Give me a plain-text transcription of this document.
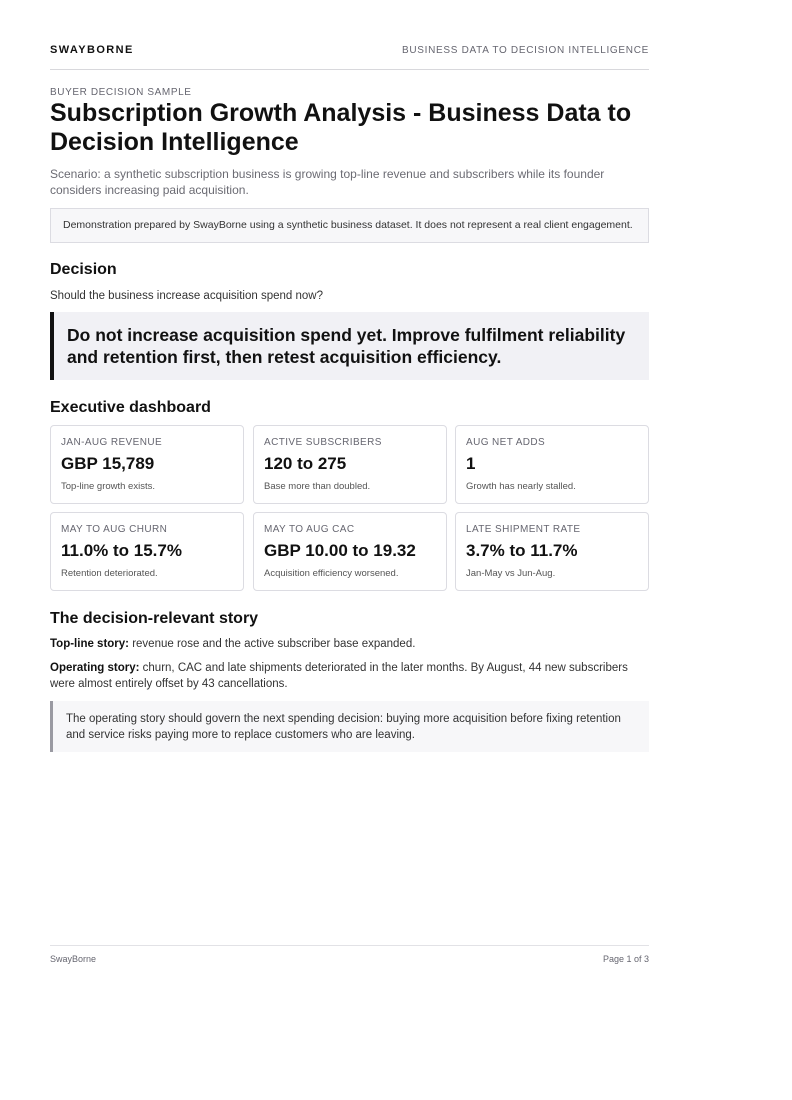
SWAYBORNE	BUSINESS DATA TO DECISION INTELLIGENCE
BUYER DECISION SAMPLE
Subscription Growth Analysis - Business Data to Decision Intelligence

Scenario: a synthetic subscription business is growing top-line revenue and subscribers while its founder considers increasing paid acquisition.

Demonstration prepared by SwayBorne using a synthetic business dataset. It does not represent a real client engagement.
Decision

Should the business increase acquisition spend now?

Do not increase acquisition spend yet. Improve fulfilment reliability and retention first, then retest acquisition efficiency.
Executive dashboard
JAN-AUG REVENUE
GBP 15,789
Top-line growth exists.
ACTIVE SUBSCRIBERS
120 to 275
Base more than doubled.
AUG NET ADDS
1
Growth has nearly stalled.
MAY TO AUG CHURN
11.0% to 15.7%
Retention deteriorated.
MAY TO AUG CAC
GBP 10.00 to 19.32
Acquisition efficiency worsened.
LATE SHIPMENT RATE
3.7% to 11.7%
Jan-May vs Jun-Aug.
The decision-relevant story

Top-line story: revenue rose and the active subscriber base expanded.

Operating story: churn, CAC and late shipments deteriorated in the later months. By August, 44 new subscribers were almost entirely offset by 43 cancellations.

The operating story should govern the next spending decision: buying more acquisition before fixing retention and service risks paying more to replace customers who are leaving.
SwayBorne	Page 1 of 3
